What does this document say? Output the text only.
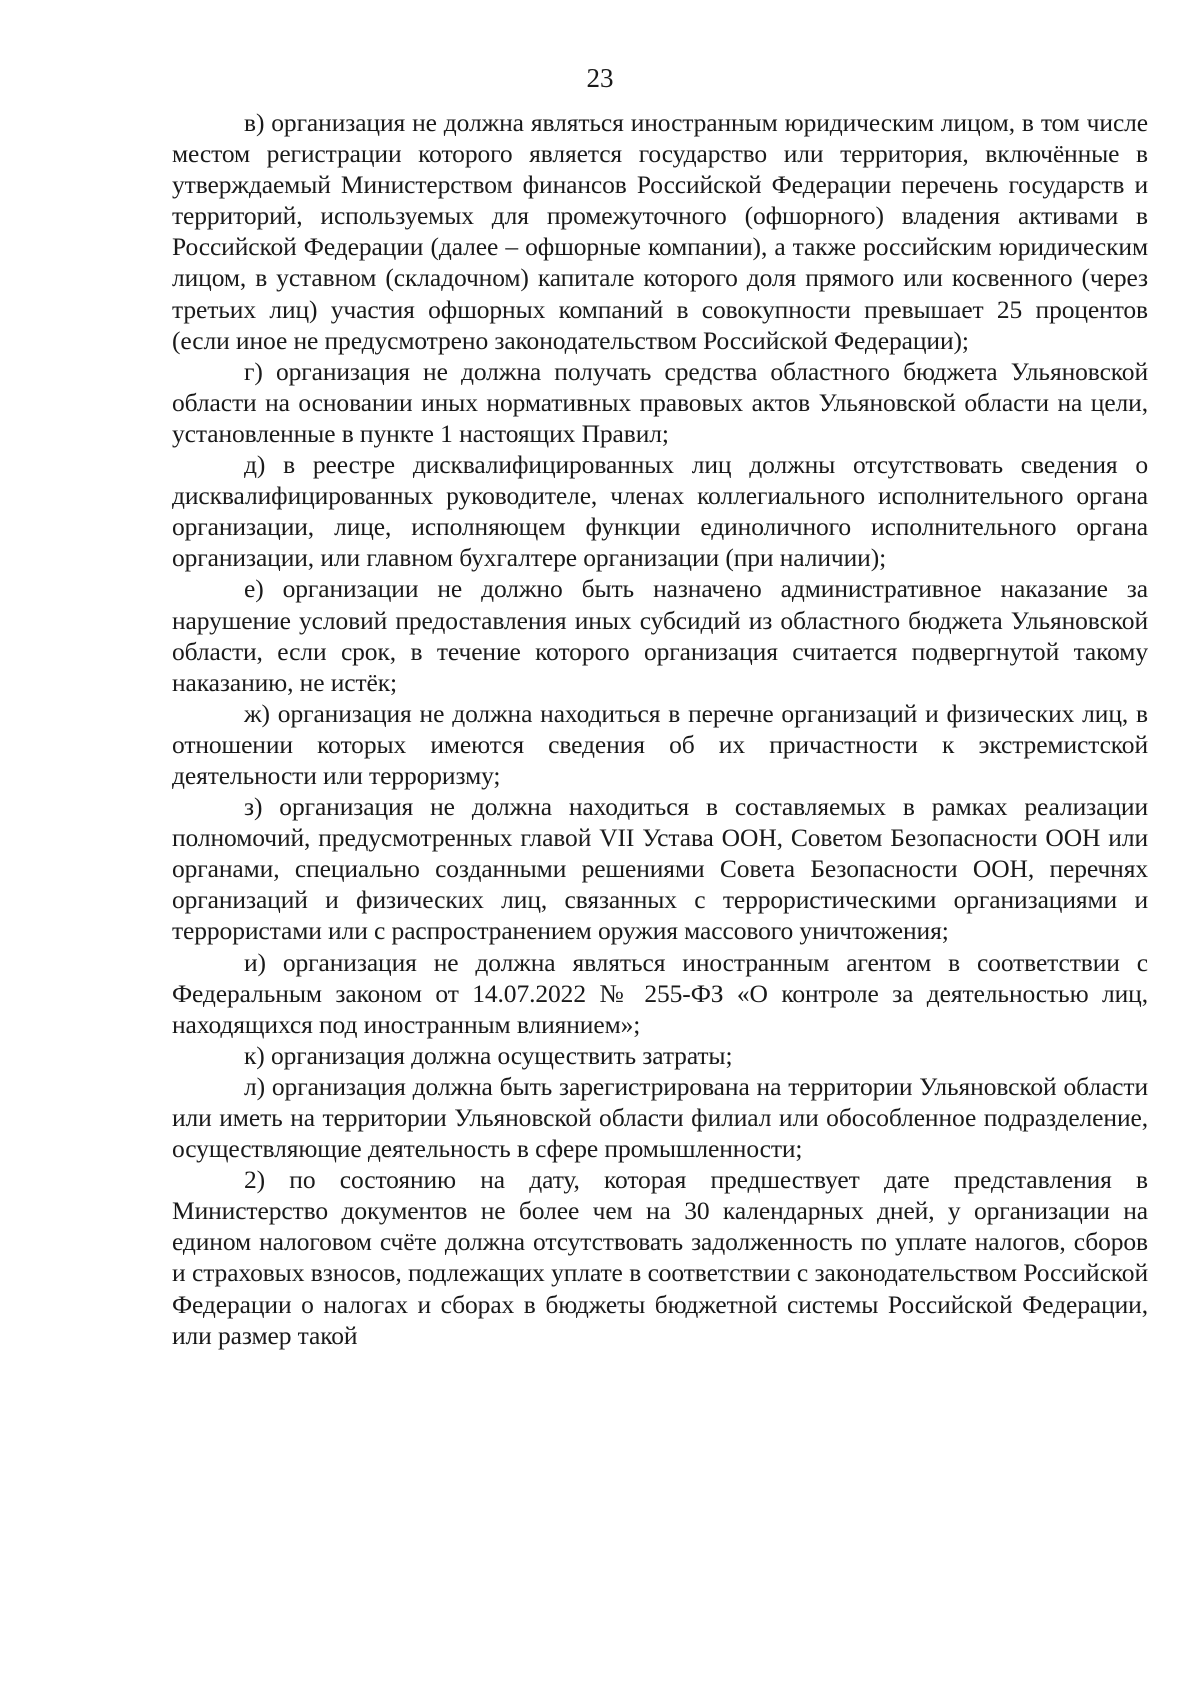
23

в) организация не должна являться иностранным юридическим лицом, в том числе местом регистрации которого является государство или территория, включённые в утверждаемый Министерством финансов Российской Федерации перечень государств и территорий, используемых для промежуточного (офшорного) владения активами в Российской Федерации (далее – офшорные компании), а также российским юридическим лицом, в уставном (складочном) капитале которого доля прямого или косвенного (через третьих лиц) участия офшорных компаний в совокупности превышает 25 процентов (если иное не предусмотрено законодательством Российской Федерации);

г) организация не должна получать средства областного бюджета Ульяновской области на основании иных нормативных правовых актов Ульяновской области на цели, установленные в пункте 1 настоящих Правил;

д) в реестре дисквалифицированных лиц должны отсутствовать сведения о дисквалифицированных руководителе, членах коллегиального исполнительного органа организации, лице, исполняющем функции единоличного исполнительного органа организации, или главном бухгалтере организации (при наличии);

е) организации не должно быть назначено административное наказание за нарушение условий предоставления иных субсидий из областного бюджета Ульяновской области, если срок, в течение которого организация считается подвергнутой такому наказанию, не истёк;

ж) организация не должна находиться в перечне организаций и физических лиц, в отношении которых имеются сведения об их причастности к экстремистской деятельности или терроризму;

з) организация не должна находиться в составляемых в рамках реализации полномочий, предусмотренных главой VII Устава ООН, Советом Безопасности ООН или органами, специально созданными решениями Совета Безопасности ООН, перечнях организаций и физических лиц, связанных с террористическими организациями и террористами или с распространением оружия массового уничтожения;

и) организация не должна являться иностранным агентом в соответствии с Федеральным законом от 14.07.2022 № 255-ФЗ «О контроле за деятельностью лиц, находящихся под иностранным влиянием»;

к) организация должна осуществить затраты;

л) организация должна быть зарегистрирована на территории Ульяновской области или иметь на территории Ульяновской области филиал или обособленное подразделение, осуществляющие деятельность в сфере промышленности;

2) по состоянию на дату, которая предшествует дате представления в Министерство документов не более чем на 30 календарных дней, у организации на едином налоговом счёте должна отсутствовать задолженность по уплате налогов, сборов и страховых взносов, подлежащих уплате в соответствии с законодательством Российской Федерации о налогах и сборах в бюджеты бюджетной системы Российской Федерации, или размер такой
